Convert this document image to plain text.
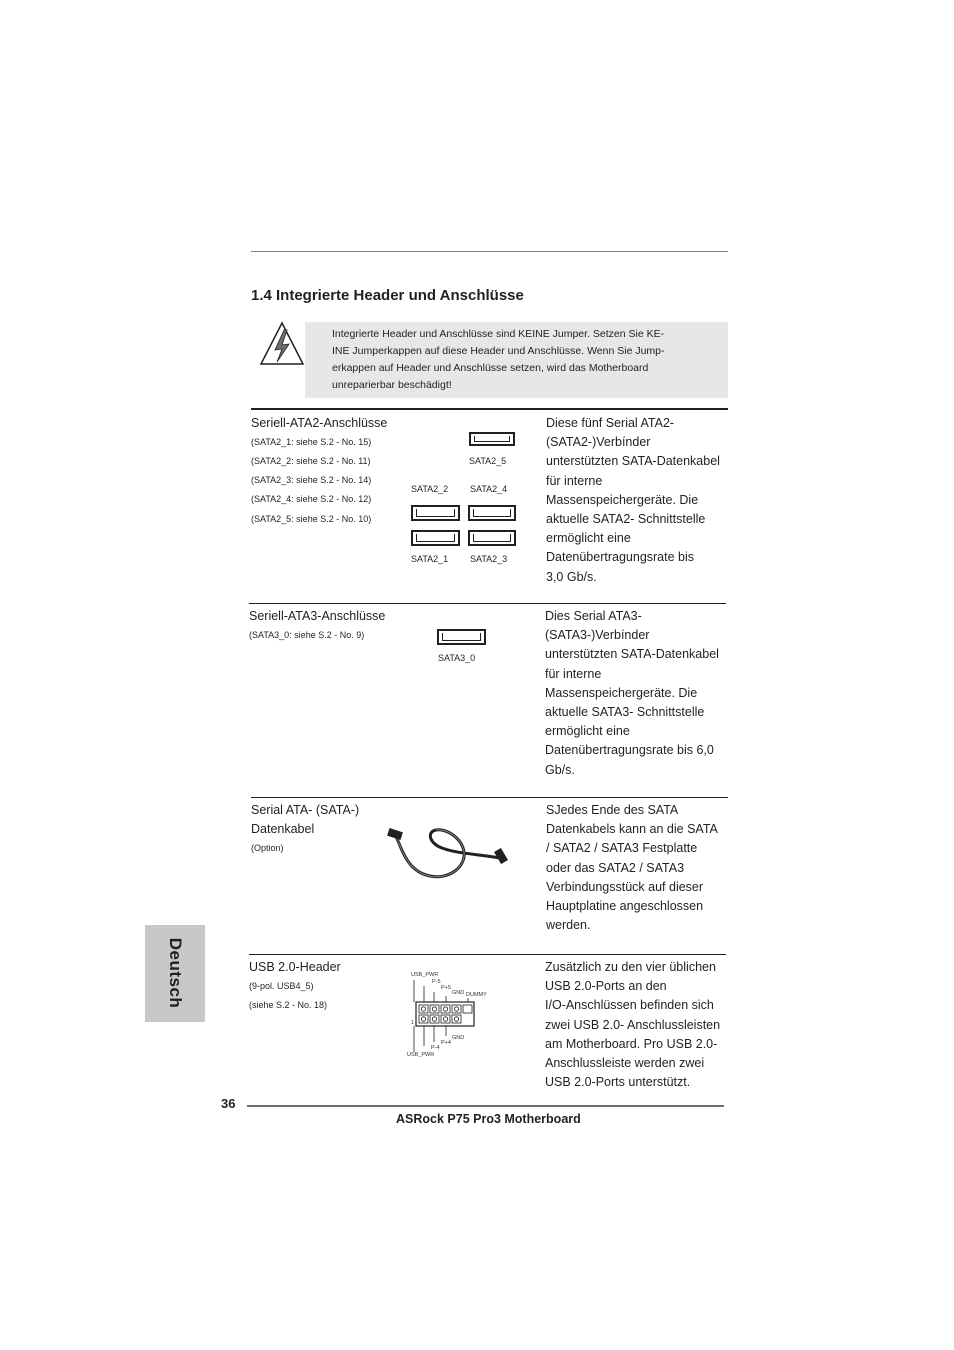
1.4 Integrierte Header und Anschlüsse
Integrierte Header und Anschlüsse sind KEINE Jumper. Setzen Sie KE-
INE Jumperkappen auf diese Header und Anschlüsse. Wenn Sie Jump-
erkappen auf Header und Anschlüsse setzen, wird das Motherboard
unreparierbar beschädigt!
Seriell-ATA2-Anschlüsse
(SATA2_1: siehe S.2 - No. 15)
(SATA2_2: siehe S.2 - No. 11)
(SATA2_3: siehe S.2 - No. 14)
(SATA2_4: siehe S.2 - No. 12)
(SATA2_5: siehe S.2 - No. 10)
SATA2_5
SATA2_2 SATA2_4
SATA2_1 SATA2_3
Diese fünf Serial ATA2-
(SATA2-)Verbínder
unterstützten SATA-Datenkabel
für interne
Massenspeichergeräte. Die
aktuelle SATA2- Schnittstelle
ermöglicht eine
Datenübertragungsrate bis
3,0 Gb/s.
Seriell-ATA3-Anschlüsse
(SATA3_0: siehe S.2 - No. 9)
SATA3_0
Dies Serial ATA3-
(SATA3-)Verbínder
unterstützten SATA-Datenkabel
für interne
Massenspeichergeräte. Die
aktuelle SATA3- Schnittstelle
ermöglicht eine
Datenübertragungsrate bis 6,0
Gb/s.
Serial ATA- (SATA-)
Datenkabel
(Option)
SJedes Ende des SATA
Datenkabels kann an die SATA
/ SATA2 / SATA3 Festplatte
oder das SATA2 / SATA3
Verbindungsstück auf dieser
Hauptplatine angeschlossen
werden.
USB 2.0-Header
(9-pol. USB4_5)
(siehe S.2 - No. 18)
USB_PWR
P-5
P+5
GND DUMMY
1
GND
P+4
P-4
USB_PWR
Zusätzlich zu den vier üblichen
USB 2.0-Ports an den
I/O-Anschlüssen befinden sich
zwei USB 2.0- Anschlussleisten
am Motherboard. Pro USB 2.0-
Anschlussleiste werden zwei
USB 2.0-Ports unterstützt.
Deutsch
36
ASRock P75 Pro3 Motherboard
